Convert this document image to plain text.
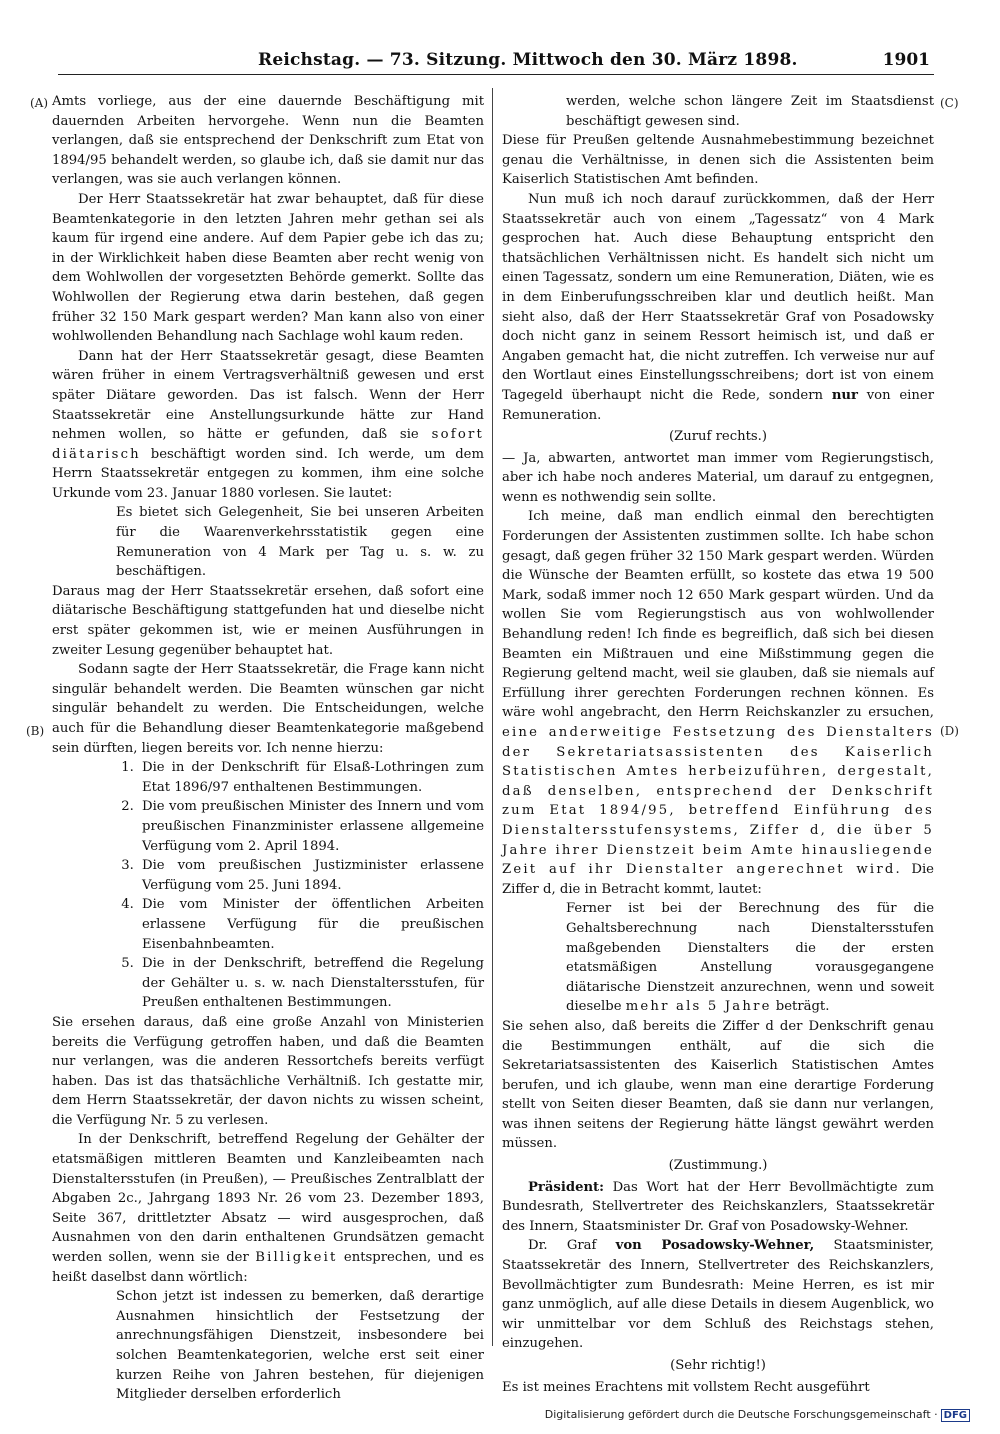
Reichstag. — 73. Sitzung. Mittwoch den 30. März 1898.	1901
(A)
(B)
(C)
(D)

Amts vorliege, aus der eine dauernde Beschäftigung mit dauernden Arbeiten hervorgehe. Wenn nun die Beamten verlangen, daß sie entsprechend der Denkschrift zum Etat von 1894/95 behandelt werden, so glaube ich, daß sie damit nur das verlangen, was sie auch verlangen können.

Der Herr Staatssekretär hat zwar behauptet, daß für diese Beamtenkategorie in den letzten Jahren mehr gethan sei als kaum für irgend eine andere. Auf dem Papier gebe ich das zu; in der Wirklichkeit haben diese Beamten aber recht wenig von dem Wohlwollen der vorgesetzten Behörde gemerkt. Sollte das Wohlwollen der Regierung etwa darin bestehen, daß gegen früher 32 150 Mark gespart werden? Man kann also von einer wohlwollenden Behandlung nach Sachlage wohl kaum reden.

Dann hat der Herr Staatssekretär gesagt, diese Beamten wären früher in einem Vertragsverhältniß gewesen und erst später Diätare geworden. Das ist falsch. Wenn der Herr Staatssekretär eine Anstellungsurkunde hätte zur Hand nehmen wollen, so hätte er gefunden, daß sie sofort diätarisch beschäftigt worden sind. Ich werde, um dem Herrn Staatssekretär entgegen zu kommen, ihm eine solche Urkunde vom 23. Januar 1880 vorlesen. Sie lautet:

Es bietet sich Gelegenheit, Sie bei unseren Arbeiten für die Waarenverkehrsstatistik gegen eine Remuneration von 4 Mark per Tag u. s. w. zu beschäftigen.

Daraus mag der Herr Staatssekretär ersehen, daß sofort eine diätarische Beschäftigung stattgefunden hat und dieselbe nicht erst später gekommen ist, wie er meinen Ausführungen in zweiter Lesung gegenüber behauptet hat.

Sodann sagte der Herr Staatssekretär, die Frage kann nicht singulär behandelt werden. Die Beamten wünschen gar nicht singulär behandelt zu werden. Die Entscheidungen, welche auch für die Behandlung dieser Beamtenkategorie maßgebend sein dürften, liegen bereits vor. Ich nenne hierzu:

1. Die in der Denkschrift für Elsaß-Lothringen zum Etat 1896/97 enthaltenen Bestimmungen.
2. Die vom preußischen Minister des Innern und vom preußischen Finanzminister erlassene allgemeine Verfügung vom 2. April 1894.
3. Die vom preußischen Justizminister erlassene Verfügung vom 25. Juni 1894.
4. Die vom Minister der öffentlichen Arbeiten erlassene Verfügung für die preußischen Eisenbahnbeamten.
5. Die in der Denkschrift, betreffend die Regelung der Gehälter u. s. w. nach Dienstaltersstufen, für Preußen enthaltenen Bestimmungen.

Sie ersehen daraus, daß eine große Anzahl von Ministerien bereits die Verfügung getroffen haben, und daß die Beamten nur verlangen, was die anderen Ressortchefs bereits verfügt haben. Das ist das thatsächliche Verhältniß. Ich gestatte mir, dem Herrn Staatssekretär, der davon nichts zu wissen scheint, die Verfügung Nr. 5 zu verlesen.

In der Denkschrift, betreffend Regelung der Gehälter der etatsmäßigen mittleren Beamten und Kanzleibeamten nach Dienstaltersstufen (in Preußen), — Preußisches Zentralblatt der Abgaben 2c., Jahrgang 1893 Nr. 26 vom 23. Dezember 1893, Seite 367, drittletzter Absatz — wird ausgesprochen, daß Ausnahmen von den darin enthaltenen Grundsätzen gemacht werden sollen, wenn sie der Billigkeit entsprechen, und es heißt daselbst dann wörtlich:

Schon jetzt ist indessen zu bemerken, daß derartige Ausnahmen hinsichtlich der Festsetzung der anrechnungsfähigen Dienstzeit, insbesondere bei solchen Beamtenkategorien, welche erst seit einer kurzen Reihe von Jahren bestehen, für diejenigen Mitglieder derselben erforderlich

werden, welche schon längere Zeit im Staatsdienst beschäftigt gewesen sind.

Diese für Preußen geltende Ausnahmebestimmung bezeichnet genau die Verhältnisse, in denen sich die Assistenten beim Kaiserlich Statistischen Amt befinden.

Nun muß ich noch darauf zurückkommen, daß der Herr Staatssekretär auch von einem „Tagessatz“ von 4 Mark gesprochen hat. Auch diese Behauptung entspricht den thatsächlichen Verhältnissen nicht. Es handelt sich nicht um einen Tagessatz, sondern um eine Remuneration, Diäten, wie es in dem Einberufungsschreiben klar und deutlich heißt. Man sieht also, daß der Herr Staatssekretär Graf von Posadowsky doch nicht ganz in seinem Ressort heimisch ist, und daß er Angaben gemacht hat, die nicht zutreffen. Ich verweise nur auf den Wortlaut eines Einstellungsschreibens; dort ist von einem Tagegeld überhaupt nicht die Rede, sondern nur von einer Remuneration.

(Zuruf rechts.)

— Ja, abwarten, antwortet man immer vom Regierungstisch, aber ich habe noch anderes Material, um darauf zu entgegnen, wenn es nothwendig sein sollte.

Ich meine, daß man endlich einmal den berechtigten Forderungen der Assistenten zustimmen sollte. Ich habe schon gesagt, daß gegen früher 32 150 Mark gespart werden. Würden die Wünsche der Beamten erfüllt, so kostete das etwa 19 500 Mark, sodaß immer noch 12 650 Mark gespart würden. Und da wollen Sie vom Regierungstisch aus von wohlwollender Behandlung reden! Ich finde es begreiflich, daß sich bei diesen Beamten ein Mißtrauen und eine Mißstimmung gegen die Regierung geltend macht, weil sie glauben, daß sie niemals auf Erfüllung ihrer gerechten Forderungen rechnen können. Es wäre wohl angebracht, den Herrn Reichskanzler zu ersuchen, eine anderweitige Festsetzung des Dienstalters der Sekretariatsassistenten des Kaiserlich Statistischen Amtes herbeizuführen, dergestalt, daß denselben, entsprechend der Denkschrift zum Etat 1894/95, betreffend Einführung des Dienstaltersstufensystems, Ziffer d, die über 5 Jahre ihrer Dienstzeit beim Amte hinausliegende Zeit auf ihr Dienstalter angerechnet wird. Die Ziffer d, die in Betracht kommt, lautet:

Ferner ist bei der Berechnung des für die Gehaltsberechnung nach Dienstaltersstufen maßgebenden Dienstalters die der ersten etatsmäßigen Anstellung vorausgegangene diätarische Dienstzeit anzurechnen, wenn und soweit dieselbe mehr als 5 Jahre beträgt.

Sie sehen also, daß bereits die Ziffer d der Denkschrift genau die Bestimmungen enthält, auf die sich die Sekretariatsassistenten des Kaiserlich Statistischen Amtes berufen, und ich glaube, wenn man eine derartige Forderung stellt von Seiten dieser Beamten, daß sie dann nur verlangen, was ihnen seitens der Regierung hätte längst gewährt werden müssen.

(Zustimmung.)

Präsident: Das Wort hat der Herr Bevollmächtigte zum Bundesrath, Stellvertreter des Reichskanzlers, Staatssekretär des Innern, Staatsminister Dr. Graf von Posadowsky-Wehner.

Dr. Graf von Posadowsky-Wehner, Staatsminister, Staatssekretär des Innern, Stellvertreter des Reichskanzlers, Bevollmächtigter zum Bundesrath: Meine Herren, es ist mir ganz unmöglich, auf alle diese Details in diesem Augenblick, wo wir unmittelbar vor dem Schluß des Reichstags stehen, einzugehen.

(Sehr richtig!)

Es ist meines Erachtens mit vollstem Recht ausgeführt

Digitalisierung gefördert durch die Deutsche Forschungsgemeinschaft · DFG
